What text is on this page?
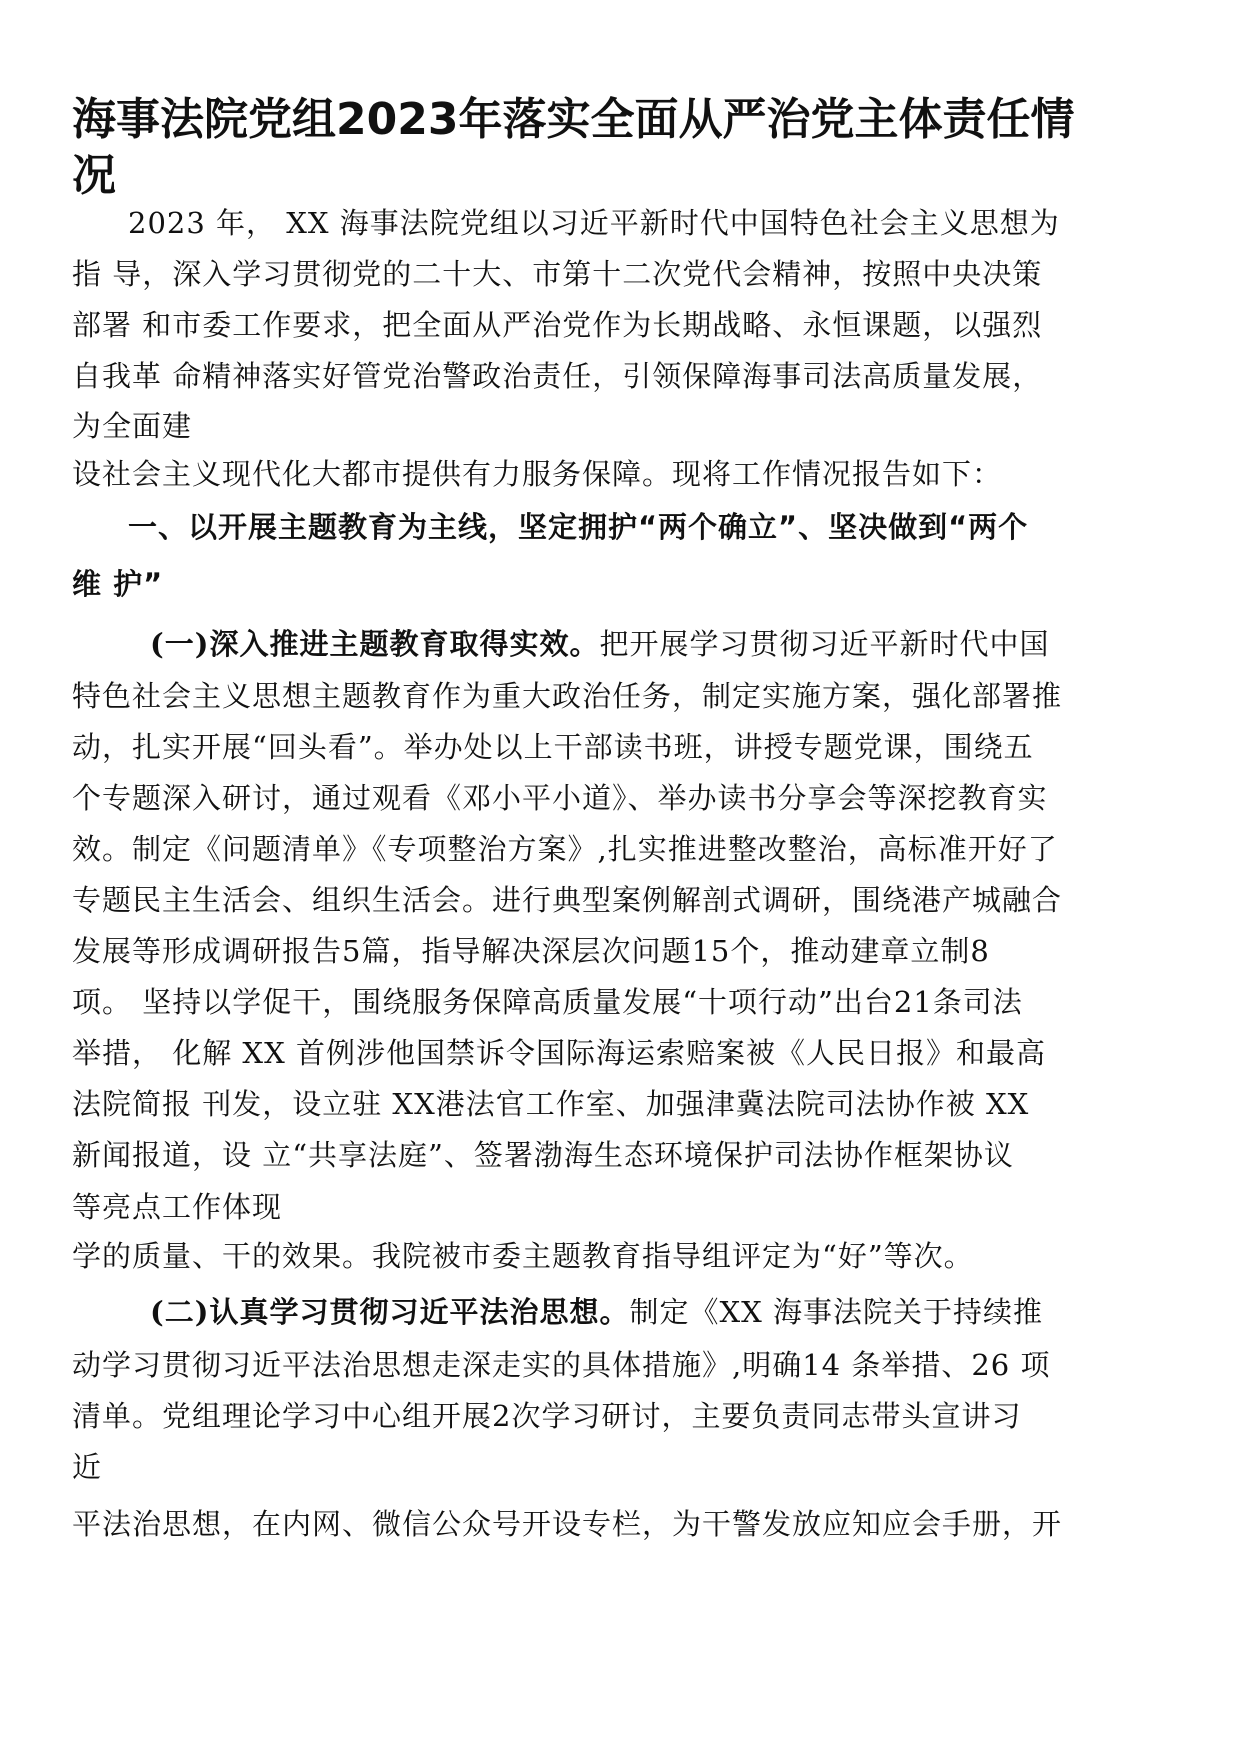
海事法院党组2023年落实全面从严治党主体责任情
况
2023 年， XX 海事法院党组以习近平新时代中国特色社会主义思想为
指 导，深入学习贯彻党的二十大、市第十二次党代会精神，按照中央决策
部署 和市委工作要求，把全面从严治党作为长期战略、永恒课题，以强烈
自我革 命精神落实好管党治警政治责任，引领保障海事司法高质量发展，
为全面建
设社会主义现代化大都市提供有力服务保障。现将工作情况报告如下：
一、以开展主题教育为主线，坚定拥护“两个确立”、坚决做到“两个
维 护”
(一)深入推进主题教育取得实效。把开展学习贯彻习近平新时代中国
特色社会主义思想主题教育作为重大政治任务，制定实施方案，强化部署推
动，扎实开展“回头看”。举办处以上干部读书班，讲授专题党课，围绕五
个专题深入研讨，通过观看《邓小平小道》、举办读书分享会等深挖教育实
效。制定《问题清单》《专项整治方案》,扎实推进整改整治，高标准开好了
专题民主生活会、组织生活会。进行典型案例解剖式调研，围绕港产城融合
发展等形成调研报告5篇，指导解决深层次问题15个，推动建章立制8
项。 坚持以学促干，围绕服务保障高质量发展“十项行动”出台21条司法
举措， 化解 XX 首例涉他国禁诉令国际海运索赔案被《人民日报》和最高
法院简报 刊发，设立驻 XX港法官工作室、加强津冀法院司法协作被 XX
新闻报道，设 立“共享法庭”、签署渤海生态环境保护司法协作框架协议
等亮点工作体现
学的质量、干的效果。我院被市委主题教育指导组评定为“好”等次。
(二)认真学习贯彻习近平法治思想。制定《XX 海事法院关于持续推
动学习贯彻习近平法治思想走深走实的具体措施》,明确14 条举措、26 项
清单。党组理论学习中心组开展2次学习研讨，主要负责同志带头宣讲习
近
平法治思想，在内网、微信公众号开设专栏，为干警发放应知应会手册，开
